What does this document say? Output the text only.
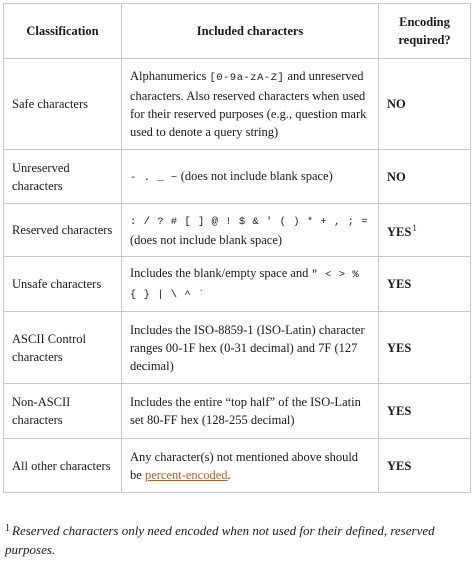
Classification	Included characters	Encoding required?
Safe characters	Alphanumerics [0-9a-zA-Z] and unreserved characters. Also reserved characters when used for their reserved purposes (e.g., question mark used to denote a query string)	NO
Unreserved characters	- . _ ~ (does not include blank space)	NO
Reserved characters	: / ? # [ ] @ ! $ & ' ( ) * + , ; = (does not include blank space)	YES$^1$
Unsafe characters	Includes the blank/empty space and " < > % { } | \ ^ `	YES
ASCII Control characters	Includes the ISO-8859-1 (ISO-Latin) character ranges 00-1F hex (0-31 decimal) and 7F (127 decimal)	YES
Non-ASCII characters	Includes the entire “top half” of the ISO-Latin set 80-FF hex (128-255 decimal)	YES
All other characters	Any character(s) not mentioned above should be percent-encoded.	YES
$^1$ Reserved characters only need encoded when not used for their defined, reserved purposes.
